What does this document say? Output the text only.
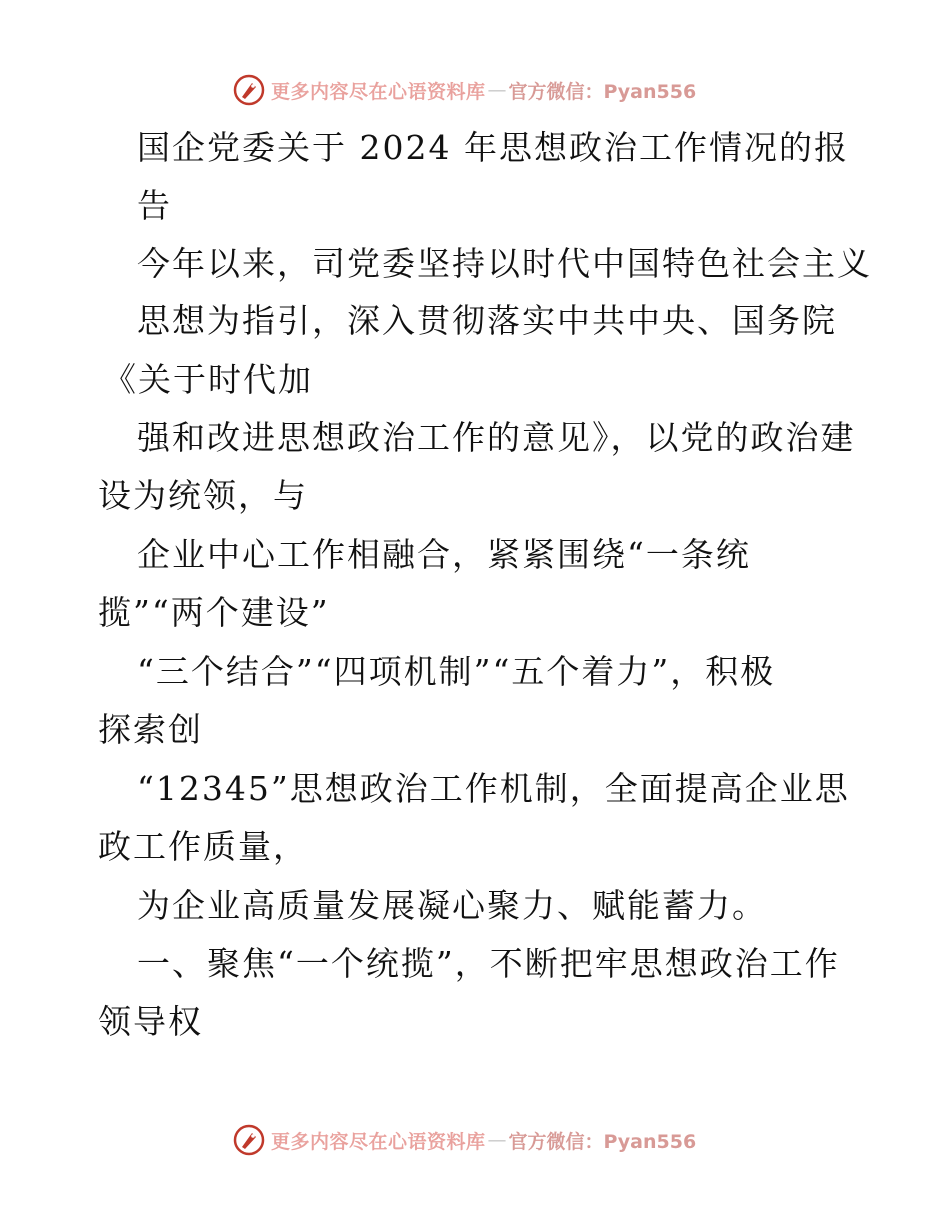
更多内容尽在心语资料库 — 官方微信：Pyan556

国企党委关于 2024 年思想政治工作情况的报

告

今年以来，司党委坚持以时代中国特色社会主义

思想为指引，深入贯彻落实中共中央、国务院

《关于时代加

强和改进思想政治工作的意见》，以党的政治建

设为统领，与

企业中心工作相融合，紧紧围绕“一条统

揽”“两个建设”

“三个结合”“四项机制”“五个着力”，积极

探索创

“12345”思想政治工作机制，全面提高企业思

政工作质量，

为企业高质量发展凝心聚力、赋能蓄力。

一、聚焦“一个统揽”，不断把牢思想政治工作

领导权

更多内容尽在心语资料库 — 官方微信：Pyan556
